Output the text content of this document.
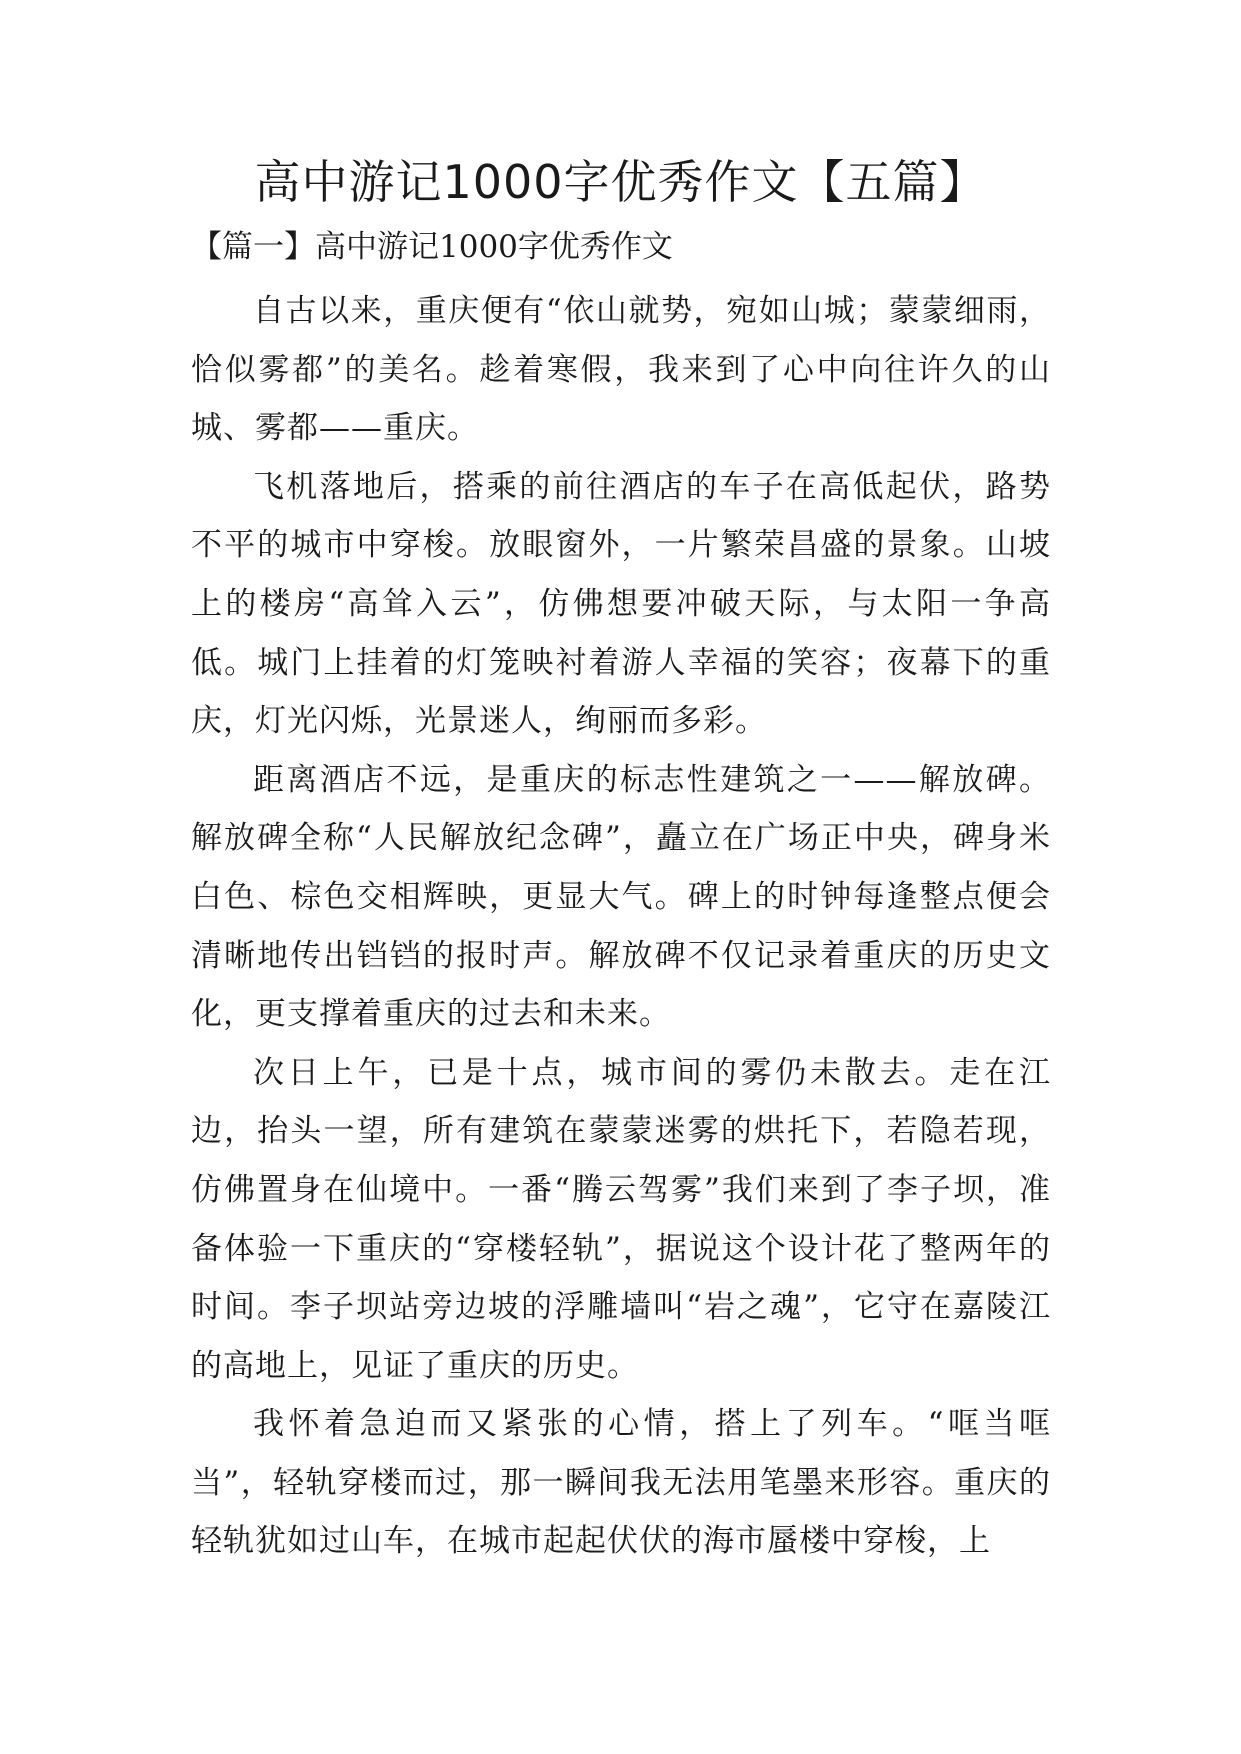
高中游记1000字优秀作文【五篇】
【篇一】高中游记1000字优秀作文

自古以来，重庆便有“依山就势，宛如山城；蒙蒙细雨，恰似雾都”的美名。趁着寒假，我来到了心中向往许久的山城、雾都——重庆。

飞机落地后，搭乘的前往酒店的车子在高低起伏，路势不平的城市中穿梭。放眼窗外，一片繁荣昌盛的景象。山坡上的楼房“高耸入云”，仿佛想要冲破天际，与太阳一争高低。城门上挂着的灯笼映衬着游人幸福的笑容；夜幕下的重庆，灯光闪烁，光景迷人，绚丽而多彩。

距离酒店不远，是重庆的标志性建筑之一——解放碑。解放碑全称“人民解放纪念碑”，矗立在广场正中央，碑身米白色、棕色交相辉映，更显大气。碑上的时钟每逢整点便会清晰地传出铛铛的报时声。解放碑不仅记录着重庆的历史文化，更支撑着重庆的过去和未来。

次日上午，已是十点，城市间的雾仍未散去。走在江边，抬头一望，所有建筑在蒙蒙迷雾的烘托下，若隐若现，仿佛置身在仙境中。一番“腾云驾雾”我们来到了李子坝，准备体验一下重庆的“穿楼轻轨”，据说这个设计花了整两年的时间。李子坝站旁边坡的浮雕墙叫“岩之魂”，它守在嘉陵江的高地上，见证了重庆的历史。

我怀着急迫而又紧张的心情，搭上了列车。“哐当哐当”，轻轨穿楼而过，那一瞬间我无法用笔墨来形容。重庆的轻轨犹如过山车，在城市起起伏伏的海市蜃楼中穿梭，上
